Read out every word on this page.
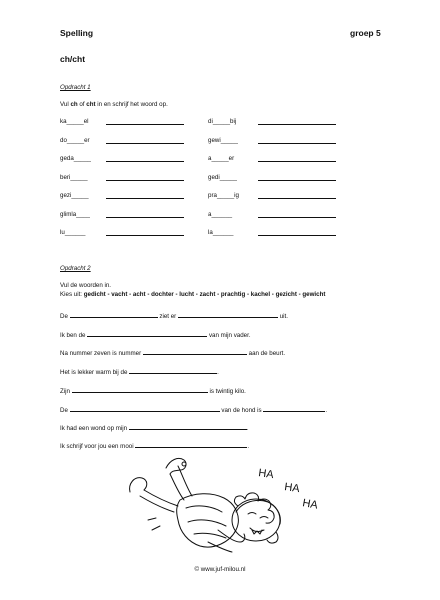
Spelling	groep 5
ch/cht
Opdracht 1
Vul ch of cht in en schrijf het woord op.
ka_____el	di_____bij
do_____er	gewi_____
geda_____	a_____er
beri_____	gedi_____
gezi_____	pra_____ig
glimla____	a______
lu______	la______
Opdracht 2
Vul de woorden in.
Kies uit: gedicht - vacht - acht - dochter - lucht - zacht - prachtig - kachel - gezicht - gewicht
De	ziet er	uit.
Ik ben de	van mijn vader.
Na nummer zeven is nummer	aan de beurt.
Het is lekker warm bij de	.
Zijn	is twintig kilo.
De	van de hond is	.
Ik had een wond op mijn	.
Ik schrijf voor jou een mooi	.
HA
HA
HA
© www.juf-milou.nl
